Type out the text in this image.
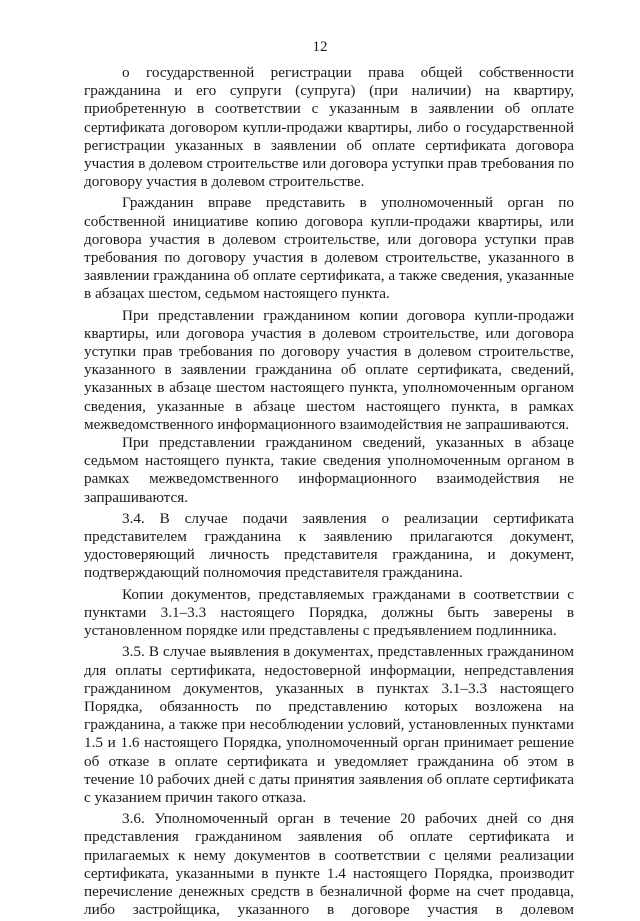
12

о государственной регистрации права общей собственности гражданина и его супруги (супруга) (при наличии) на квартиру, приобретенную в соответствии с указанным в заявлении об оплате сертификата договором купли-продажи квартиры, либо о государственной регистрации указанных в заявлении об оплате сертификата договора участия в долевом строительстве или договора уступки прав требования по договору участия в долевом строительстве.

Гражданин вправе представить в уполномоченный орган по собственной инициативе копию договора купли-продажи квартиры, или договора участия в долевом строительстве, или договора уступки прав требования по договору участия в долевом строительстве, указанного в заявлении гражданина об оплате сертификата, а также сведения, указанные в абзацах шестом, седьмом настоящего пункта.

При представлении гражданином копии договора купли-продажи квартиры, или договора участия в долевом строительстве, или договора уступки прав требования по договору участия в долевом строительстве, указанного в заявлении гражданина об оплате сертификата, сведений, указанных в абзаце шестом настоящего пункта, уполномоченным органом сведения, указанные в абзаце шестом настоящего пункта, в рамках межведомственного информационного взаимодействия не запрашиваются.

При представлении гражданином сведений, указанных в абзаце седьмом настоящего пункта, такие сведения уполномоченным органом в рамках межведомственного информационного взаимодействия не запрашиваются.

3.4. В случае подачи заявления о реализации сертификата представителем гражданина к заявлению прилагаются документ, удостоверяющий личность представителя гражданина, и документ, подтверждающий полномочия представителя гражданина.

Копии документов, представляемых гражданами в соответствии с пунктами 3.1–3.3 настоящего Порядка, должны быть заверены в установленном порядке или представлены с предъявлением подлинника.

3.5. В случае выявления в документах, представленных гражданином для оплаты сертификата, недостоверной информации, непредставления гражданином документов, указанных в пунктах 3.1–3.3 настоящего Порядка, обязанность по представлению которых возложена на гражданина, а также при несоблюдении условий, установленных пунктами 1.5 и 1.6 настоящего Порядка, уполномоченный орган принимает решение об отказе в оплате сертификата и уведомляет гражданина об этом в течение 10 рабочих дней с даты принятия заявления об оплате сертификата с указанием причин такого отказа.

3.6. Уполномоченный орган в течение 20 рабочих дней со дня представления гражданином заявления об оплате сертификата и прилагаемых к нему документов в соответствии с целями реализации сертификата, указанными в пункте 1.4 настоящего Порядка, производит перечисление денежных средств в безналичной форме на счет продавца, либо застройщика, указанного в договоре участия в долевом
